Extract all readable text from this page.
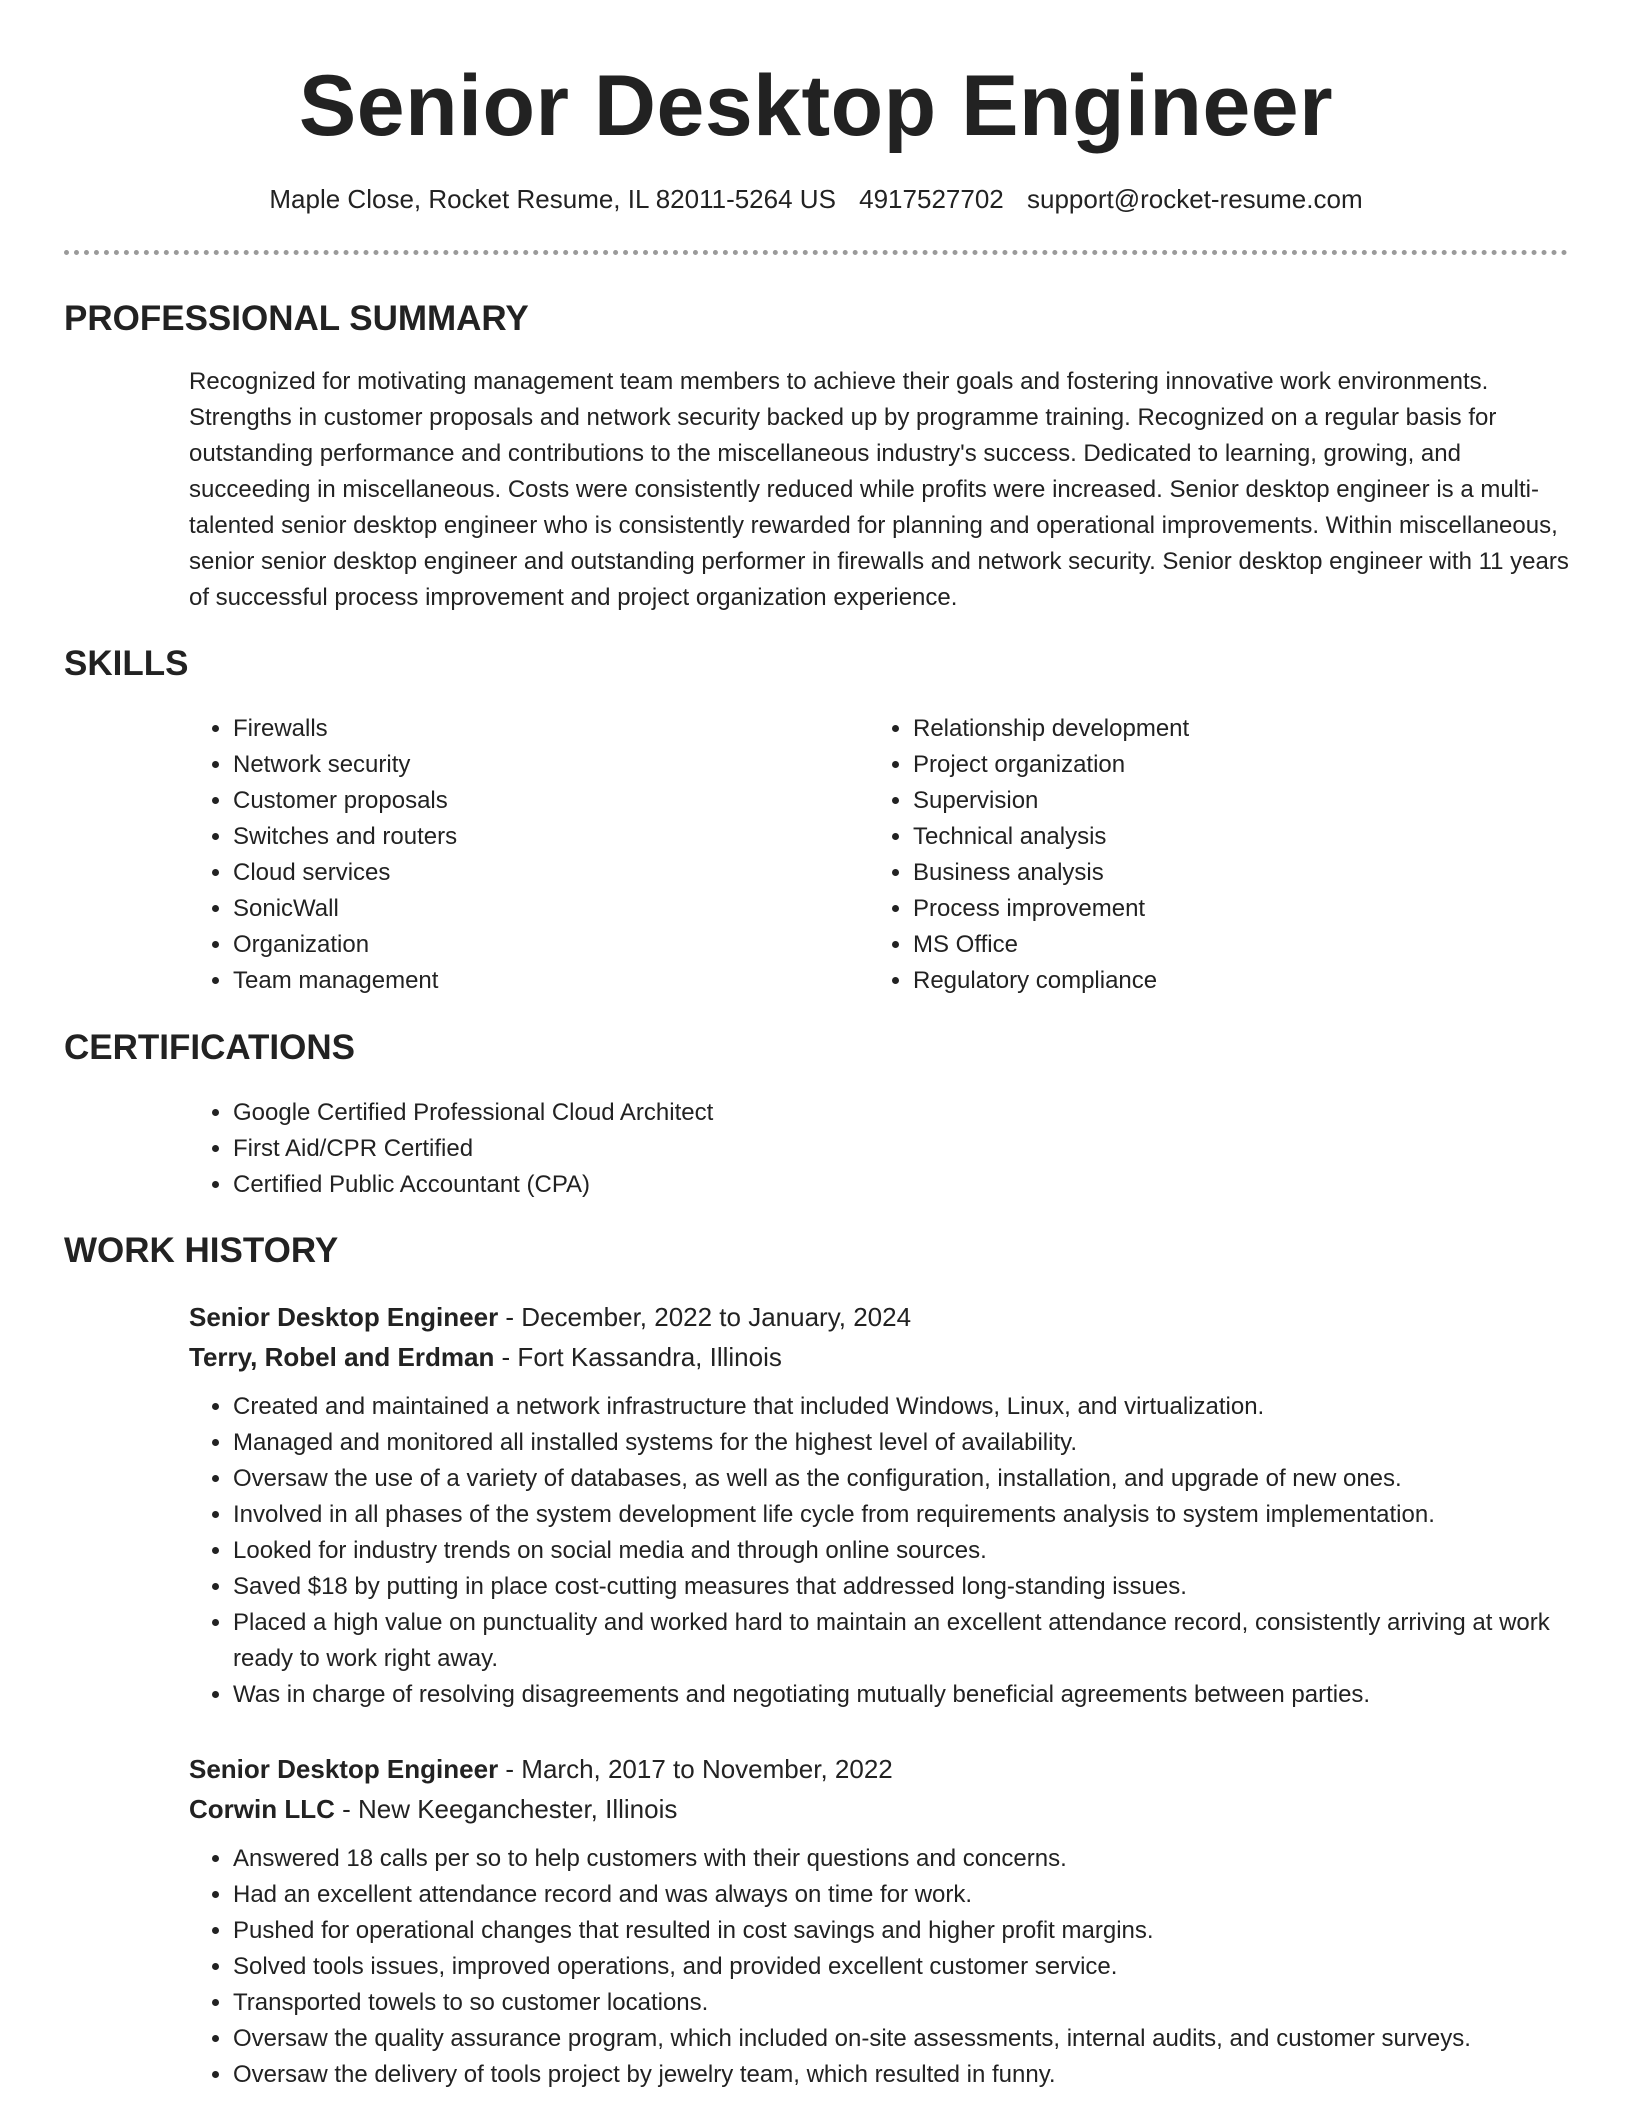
Senior Desktop Engineer
Maple Close, Rocket Resume, IL 82011-5264 US 4917527702 support@rocket-resume.com
PROFESSIONAL SUMMARY
Recognized for motivating management team members to achieve their goals and fostering innovative work environments. Strengths in customer proposals and network security backed up by programme training. Recognized on a regular basis for outstanding performance and contributions to the miscellaneous industry's success. Dedicated to learning, growing, and succeeding in miscellaneous. Costs were consistently reduced while profits were increased. Senior desktop engineer is a multi-talented senior desktop engineer who is consistently rewarded for planning and operational improvements. Within miscellaneous, senior senior desktop engineer and outstanding performer in firewalls and network security. Senior desktop engineer with 11 years of successful process improvement and project organization experience.
SKILLS
• Firewalls
• Network security
• Customer proposals
• Switches and routers
• Cloud services
• SonicWall
• Organization
• Team management
• Relationship development
• Project organization
• Supervision
• Technical analysis
• Business analysis
• Process improvement
• MS Office
• Regulatory compliance
CERTIFICATIONS
• Google Certified Professional Cloud Architect
• First Aid/CPR Certified
• Certified Public Accountant (CPA)
WORK HISTORY
Senior Desktop Engineer - December, 2022 to January, 2024
Terry, Robel and Erdman - Fort Kassandra, Illinois
• Created and maintained a network infrastructure that included Windows, Linux, and virtualization.
• Managed and monitored all installed systems for the highest level of availability.
• Oversaw the use of a variety of databases, as well as the configuration, installation, and upgrade of new ones.
• Involved in all phases of the system development life cycle from requirements analysis to system implementation.
• Looked for industry trends on social media and through online sources.
• Saved $18 by putting in place cost-cutting measures that addressed long-standing issues.
• Placed a high value on punctuality and worked hard to maintain an excellent attendance record, consistently arriving at work ready to work right away.
• Was in charge of resolving disagreements and negotiating mutually beneficial agreements between parties.
Senior Desktop Engineer - March, 2017 to November, 2022
Corwin LLC - New Keeganchester, Illinois
• Answered 18 calls per so to help customers with their questions and concerns.
• Had an excellent attendance record and was always on time for work.
• Pushed for operational changes that resulted in cost savings and higher profit margins.
• Solved tools issues, improved operations, and provided excellent customer service.
• Transported towels to so customer locations.
• Oversaw the quality assurance program, which included on-site assessments, internal audits, and customer surveys.
• Oversaw the delivery of tools project by jewelry team, which resulted in funny.
